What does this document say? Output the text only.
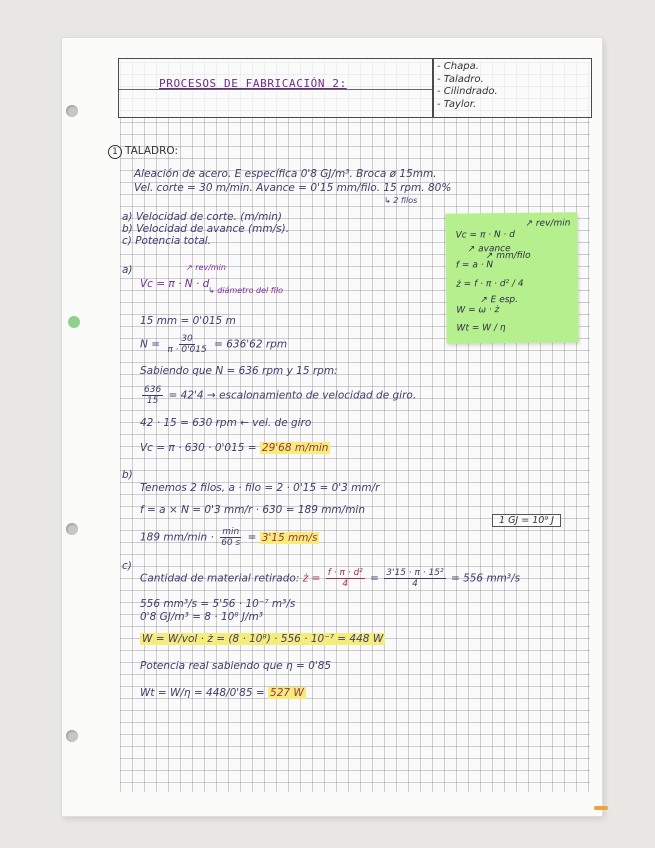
PROCESOS DE FABRICACIÓN 2:
- Chapa.
- Taladro.
- Cilindrado.
- Taylor.
1 TALADRO:
Aleación de acero. E específica 0'8 GJ/m³. Broca ø 15mm.
Vel. corte = 30 m/min. Avance = 0'15 mm/filo. 15 rpm. 80%
↳ 2 filos
a) Velocidad de corte. (m/min)
b) Velocidad de avance (mm/s).
c) Potencia total.
a)	↗ rev/min
Vc = π · N · d
↳ diámetro del filo
15 mm = 0'015 m
$N = \frac{30}{\pi \cdot 0'015} = 636'62$ rpm
Sabiendo que N = 636 rpm y 15 rpm:
$\frac{636}{15} = 42'4$ → escalonamiento de velocidad de giro.
42 · 15 = 630 rpm ← vel. de giro
Vc = π · 630 · 0'015 = 29'68 m/min
b)
Tenemos 2 filos, a · filo = 2 · 0'15 = 0'3 mm/r
f = a × N = 0'3 mm/r · 630 = 189 mm/min
189 $mm/\min \cdot \frac{\min}{60 s} = 3'15$ mm/s
1 GJ = 10⁹ J
c)
Cantidad de material retirado: ż = $\frac{\text{f · π · d²}}{4} = \frac{\text{3'15 · π · 15²}}{4} = 556$ mm³/s
556 mm³/s = 5'56 · 10⁻⁷ m³/s
0'8 GJ/m³ = 8 · 10⁸ J/m³
W = W/vol · ż = (8 · 10⁸) · 556 · 10⁻⁷ = 448 W
Potencia real sabiendo que η = 0'85
Wt = W/η = 448/0'85 = 527 W
↗ rev/min
Vc = π · N · d
↗ avance
↗ mm/filo
f = a · N
ż = f · π · d² / 4
↗ E esp.
W = ω · ż
Wt = W / η
